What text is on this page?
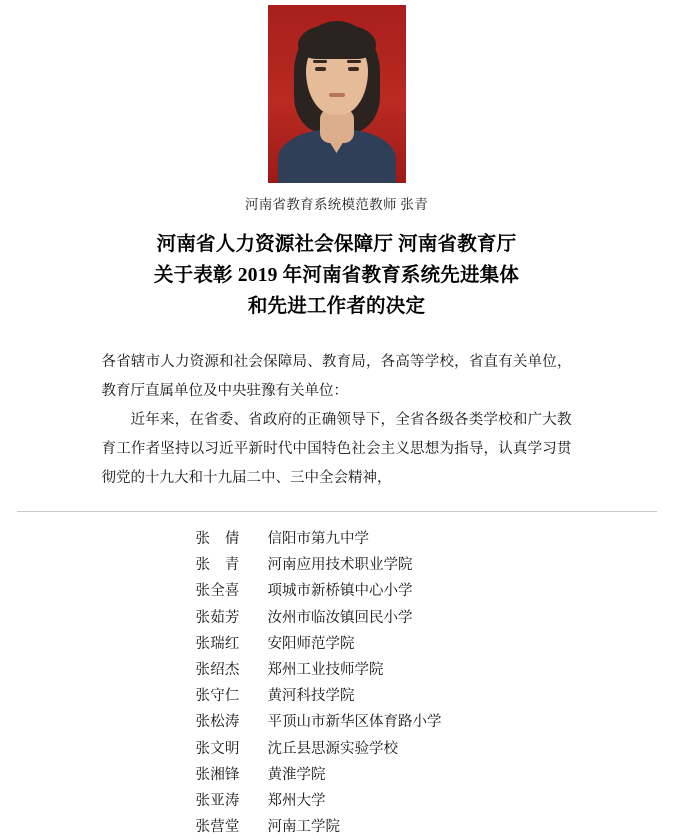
河南省教育系统模范教师 张青
河南省人力资源社会保障厅 河南省教育厅
关于表彰 2019 年河南省教育系统先进集体
和先进工作者的决定

各省辖市人力资源和社会保障局、教育局，各高等学校，省直有关单位，教育厅直属单位及中央驻豫有关单位：

近年来，在省委、省政府的正确领导下，全省各级各类学校和广大教育工作者坚持以习近平新时代中国特色社会主义思想为指导，认真学习贯彻党的十九大和十九届二中、三中全会精神，

张　倩	信阳市第九中学
张　青	河南应用技术职业学院
张全喜	项城市新桥镇中心小学
张茹芳	汝州市临汝镇回民小学
张瑞红	安阳师范学院
张绍杰	郑州工业技师学院
张守仁	黄河科技学院
张松涛	平顶山市新华区体育路小学
张文明	沈丘县思源实验学校
张湘锋	黄淮学院
张亚涛	郑州大学
张营堂	河南工学院
